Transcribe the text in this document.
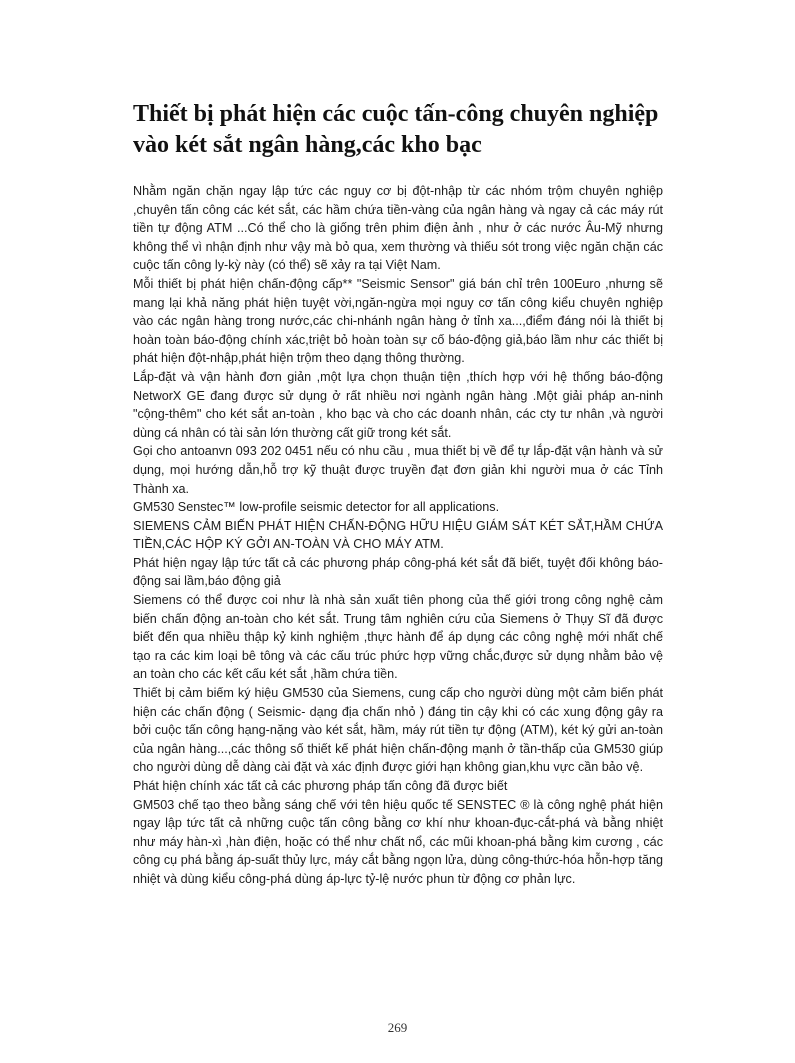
Thiết bị phát hiện các cuộc tấn-công chuyên nghiệp vào két sắt ngân hàng,các kho bạc

Nhằm ngăn chặn ngay lập tức các nguy cơ bị đột-nhập từ các nhóm trộm chuyên nghiệp ,chuyên tấn công các két sắt, các hầm chứa tiền-vàng của ngân hàng và ngay cả các máy rút tiền tự động ATM ...Có thể cho là giống trên phim điện ảnh , như ở các nước Âu-Mỹ nhưng không thể vì nhận định như vậy mà bỏ qua, xem thường và thiếu sót trong việc ngăn chặn các cuộc tấn công ly-kỳ này (có thể) sẽ xảy ra tại Việt Nam.

Mỗi thiết bị phát hiện chấn-động cấp** "Seismic Sensor" giá bán chỉ trên 100Euro ,nhưng sẽ mang lại khả năng phát hiện tuyệt vời,ngăn-ngừa mọi nguy cơ tấn công kiểu chuyên nghiệp vào các ngân hàng trong nước,các chi-nhánh ngân hàng ở tỉnh xa...,điểm đáng nói là thiết bị hoàn toàn báo-động chính xác,triệt bỏ hoàn toàn sự cố báo-động giả,báo lầm như các thiết bị phát hiện đột-nhập,phát hiện trộm theo dạng thông thường.

Lắp-đặt và vận hành đơn giản ,một lựa chọn thuận tiện ,thích hợp với hệ thống báo-động NetworX GE đang được sử dụng ở rất nhiều nơi ngành ngân hàng .Một giải pháp an-ninh "cộng-thêm" cho két sắt an-toàn , kho bạc và cho các doanh nhân, các cty tư nhân ,và người dùng cá nhân có tài sản lớn thường cất giữ trong két sắt.

Gọi cho antoanvn 093 202 0451 nếu có nhu cầu , mua thiết bị về để tự lắp-đặt vận hành và sử dụng, mọi hướng dẫn,hỗ trợ kỹ thuật được truyền đạt đơn giản khi người mua ở các Tỉnh Thành xa.

GM530 Senstec™ low-profile seismic detector for all applications.

SIEMENS CẢM BIẾN PHÁT HIỆN CHẤN-ĐỘNG HỮU HIỆU GIÁM SÁT KÉT SẮT,HẦM CHỨA TIỀN,CÁC HỘP KÝ GỞI AN-TOÀN VÀ CHO MÁY ATM.

Phát hiện ngay lập tức tất cả các phương pháp công-phá két sắt đã biết, tuyệt đối không báo-động sai lầm,báo động giả

Siemens có thể được coi như là nhà sản xuất tiên phong của thế giới trong công nghệ cảm biến chấn động an-toàn cho két sắt. Trung tâm nghiên cứu của Siemens ở Thụy Sĩ đã được biết đến qua nhiều thập kỷ kinh nghiệm ,thực hành để áp dụng các công nghệ mới nhất chế tạo ra các kim loại bê tông và các cấu trúc phức hợp vững chắc,được sử dụng nhằm bảo vệ an toàn cho các kết cấu két sắt ,hầm chứa tiền.

Thiết bị cảm biếm ký hiệu GM530 của Siemens, cung cấp cho người dùng một cảm biến phát hiện các chấn động ( Seismic- dạng địa chấn nhỏ ) đáng tin cậy khi có các xung động gây ra bởi cuộc tấn công hạng-nặng vào két sắt, hầm, máy rút tiền tự động (ATM), két ký gửi an-toàn của ngân hàng...,các thông số thiết kế phát hiện chấn-động mạnh ở tần-thấp của GM530 giúp cho người dùng dễ dàng cài đặt và xác định được giới hạn không gian,khu vực cần bảo vệ.

Phát hiện chính xác tất cả các phương pháp tấn công đã được biết

GM503 chế tạo theo bằng sáng chế với tên hiệu quốc tế SENSTEC ® là công nghệ phát hiện ngay lập tức tất cả những cuộc tấn công bằng cơ khí như khoan-đục-cắt-phá và bằng nhiệt như máy hàn-xì ,hàn điện, hoặc có thể như chất nổ, các mũi khoan-phá bằng kim cương , các công cụ phá bằng áp-suất thủy lực, máy cắt bằng ngọn lửa, dùng công-thức-hóa hỗn-hợp tăng nhiệt và dùng kiểu công-phá dùng áp-lực tỷ-lệ nước phun từ động cơ phản lực.

269
